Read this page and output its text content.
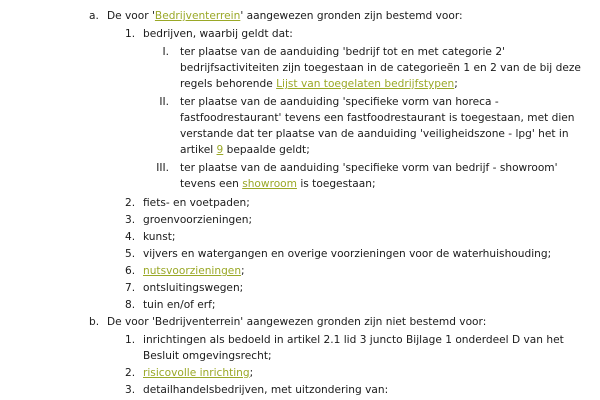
a. De voor 'Bedrijventerrein' aangewezen gronden zijn bestemd voor:
1. bedrijven, waarbij geldt dat:
I. ter plaatse van de aanduiding 'bedrijf tot en met categorie 2'
bedrijfsactiviteiten zijn toegestaan in de categorieën 1 en 2 van de bij deze
regels behorende Lijst van toegelaten bedrijfstypen;
II. ter plaatse van de aanduiding 'specifieke vorm van horeca -
fastfoodrestaurant' tevens een fastfoodrestaurant is toegestaan, met dien
verstande dat ter plaatse van de aanduiding 'veiligheidszone - lpg' het in
artikel 9 bepaalde geldt;
III. ter plaatse van de aanduiding 'specifieke vorm van bedrijf - showroom'
tevens een showroom is toegestaan;
2. fiets- en voetpaden;
3. groenvoorzieningen;
4. kunst;
5. vijvers en watergangen en overige voorzieningen voor de waterhuishouding;
6. nutsvoorzieningen;
7. ontsluitingswegen;
8. tuin en/of erf;
b. De voor 'Bedrijventerrein' aangewezen gronden zijn niet bestemd voor:
1. inrichtingen als bedoeld in artikel 2.1 lid 3 juncto Bijlage 1 onderdeel D van het
Besluit omgevingsrecht;
2. risicovolle inrichting;
3. detailhandelsbedrijven, met uitzondering van:
